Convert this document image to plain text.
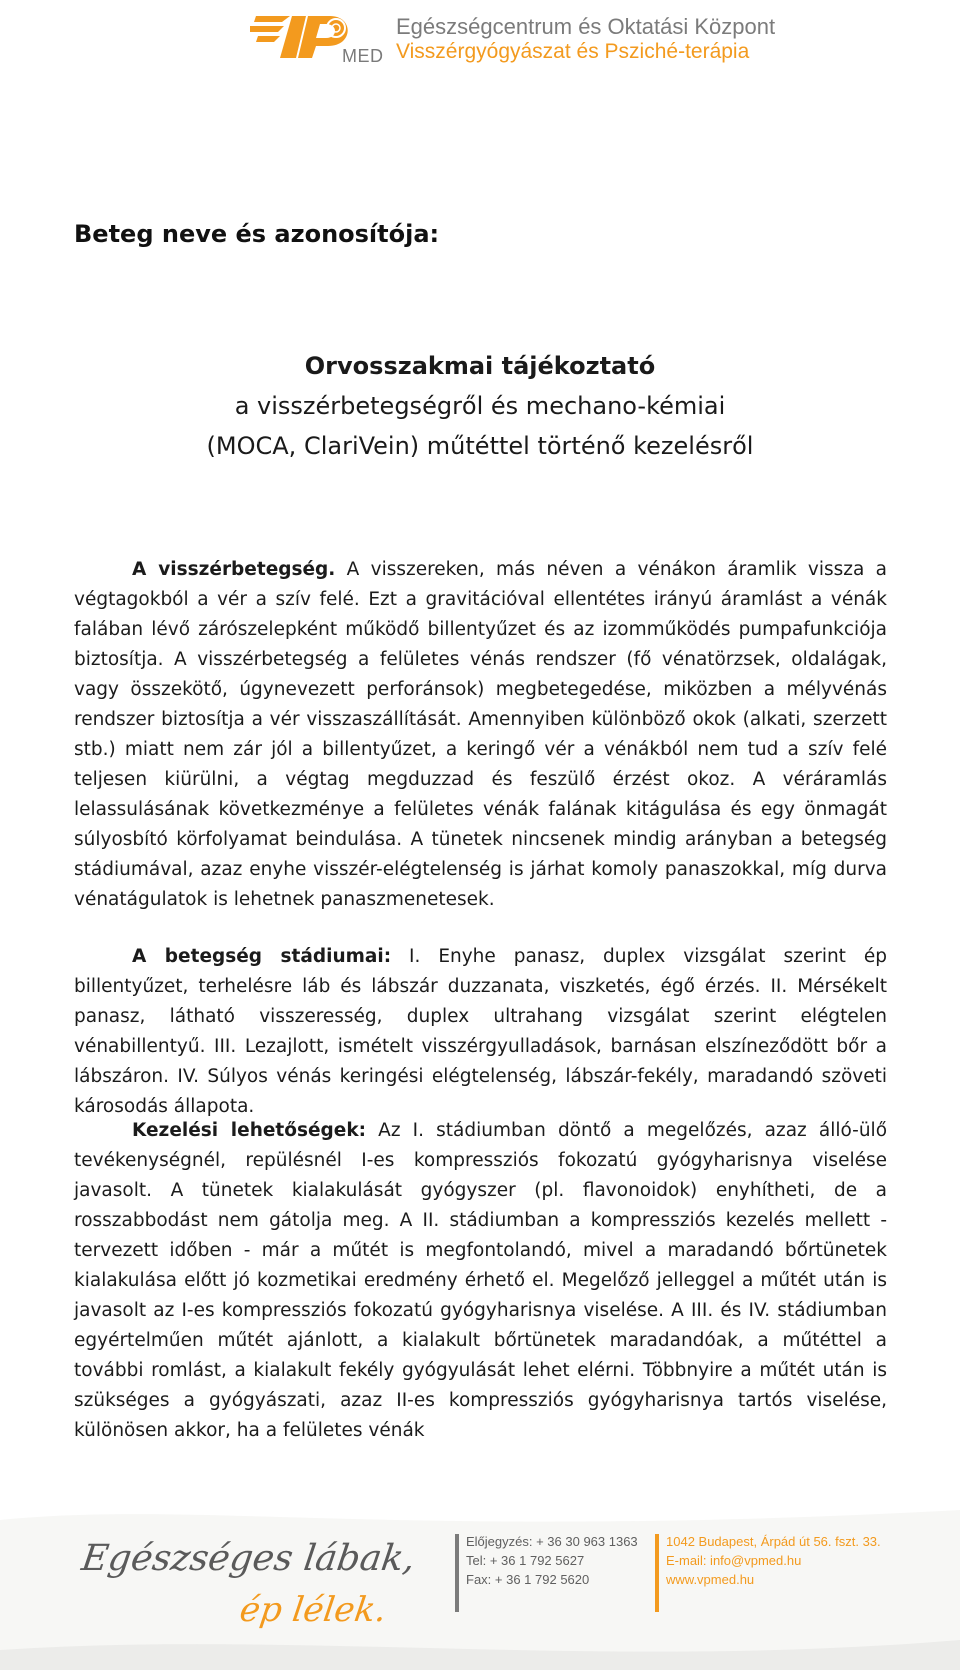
MED
Egészségcentrum és Oktatási Központ
Visszérgyógyászat és Psziché-terápia
Beteg neve és azonosítója:
Orvosszakmai tájékoztató
a visszérbetegségről és mechano-kémiai
(MOCA, ClariVein) műtéttel történő kezelésről

A visszérbetegség. A visszereken, más néven a vénákon áramlik vissza a végtagokból a vér a szív felé. Ezt a gravitációval ellentétes irányú áramlást a vénák falában lévő zárószelepként működő billentyűzet és az izomműködés pumpafunkciója biztosítja. A visszérbetegség a felületes vénás rendszer (fő vénatörzsek, oldalágak, vagy összekötő, úgynevezett perforánsok) megbetegedése, miközben a mélyvénás rendszer biztosítja a vér visszaszállítását. Amennyiben különböző okok (alkati, szerzett stb.) miatt nem zár jól a billentyűzet, a keringő vér a vénákból nem tud a szív felé teljesen kiürülni, a végtag megduzzad és feszülő érzést okoz. A véráramlás lelassulásának következménye a felületes vénák falának kitágulása és egy önmagát súlyosbító körfolyamat beindulása. A tünetek nincsenek mindig arányban a betegség stádiumával, azaz enyhe visszér-elégtelenség is járhat komoly panaszokkal, míg durva vénatágulatok is lehetnek panaszmenetesek.

A betegség stádiumai: I. Enyhe panasz, duplex vizsgálat szerint ép billentyűzet, terhelésre láb és lábszár duzzanata, viszketés, égő érzés. II. Mérsékelt panasz, látható visszeresség, duplex ultrahang vizsgálat szerint elégtelen vénabillentyű. III. Lezajlott, ismételt visszérgyulladások, barnásan elszíneződött bőr a lábszáron. IV. Súlyos vénás keringési elégtelenség, lábszár-fekély, maradandó szöveti károsodás állapota.

Kezelési lehetőségek: Az I. stádiumban döntő a megelőzés, azaz álló-ülő tevékenységnél, repülésnél I-es kompressziós fokozatú gyógyharisnya viselése javasolt. A tünetek kialakulását gyógyszer (pl. flavonoidok) enyhítheti, de a rosszabbodást nem gátolja meg. A II. stádiumban a kompressziós kezelés mellett - tervezett időben - már a műtét is megfontolandó, mivel a maradandó bőrtünetek kialakulása előtt jó kozmetikai eredmény érhető el. Megelőző jelleggel a műtét után is javasolt az I-es kompressziós fokozatú gyógyharisnya viselése. A III. és IV. stádiumban egyértelműen műtét ajánlott, a kialakult bőrtünetek maradandóak, a műtéttel a további romlást, a kialakult fekély gyógyulását lehet elérni. Többnyire a műtét után is szükséges a gyógyászati, azaz II-es kompressziós gyógyharisnya tartós viselése, különösen akkor, ha a felületes vénák

Egészséges lábak,
ép lélek.
Előjegyzés: + 36 30 963 1363
Tel: + 36 1 792 5627
Fax: + 36 1 792 5620
1042 Budapest, Árpád út 56. fszt. 33.
E-mail: info@vpmed.hu
www.vpmed.hu
